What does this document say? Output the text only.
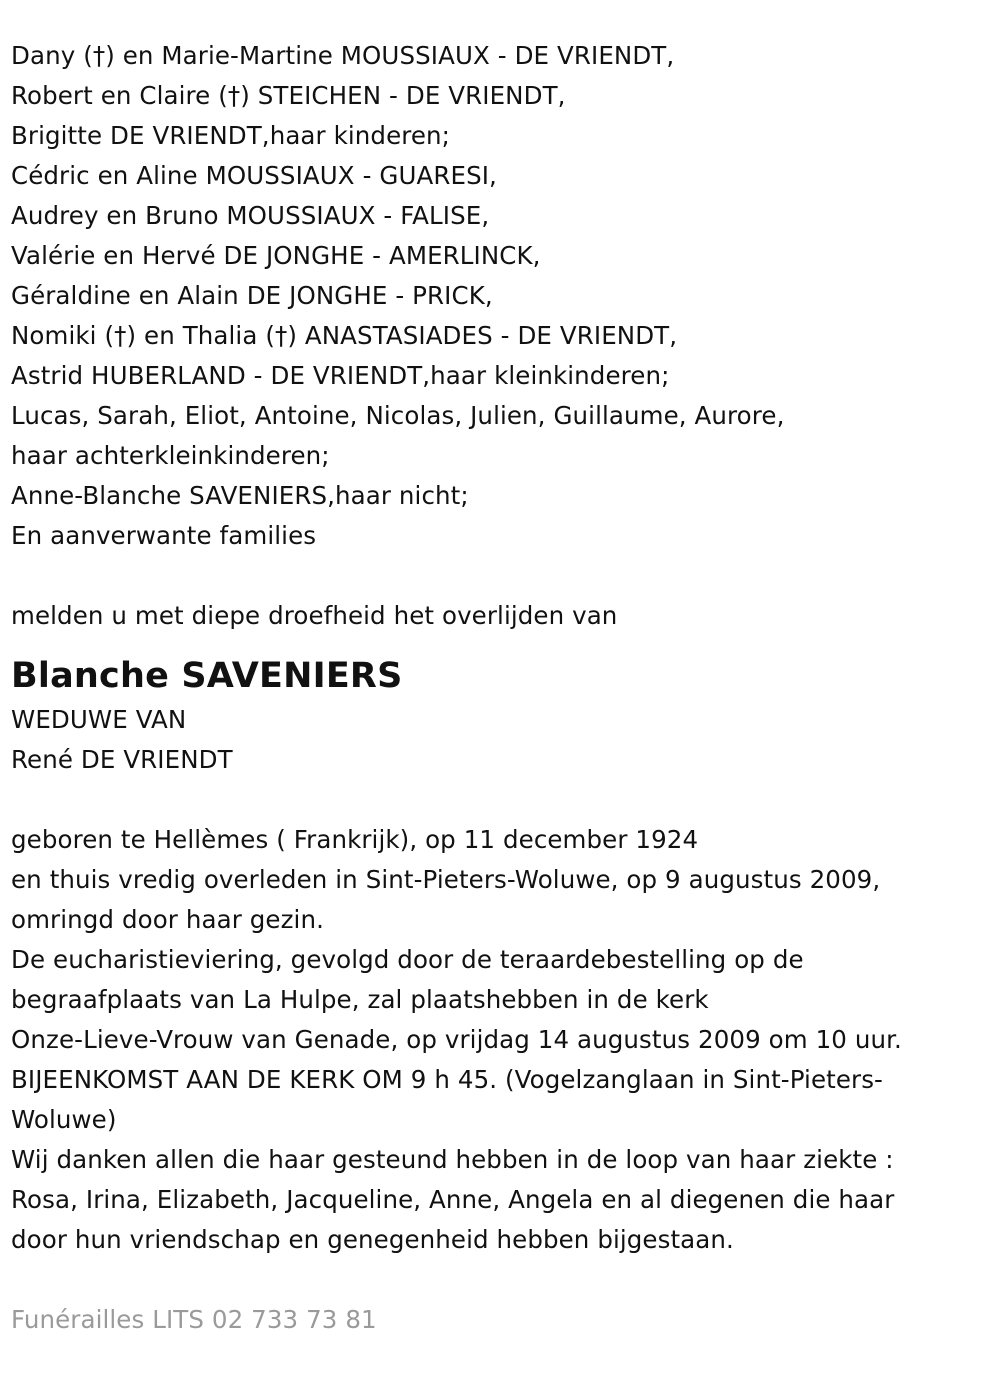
Dany (†) en Marie-Martine MOUSSIAUX - DE VRIENDT,
Robert en Claire (†) STEICHEN - DE VRIENDT,
Brigitte DE VRIENDT,haar kinderen;
Cédric en Aline MOUSSIAUX - GUARESI,
Audrey en Bruno MOUSSIAUX - FALISE,
Valérie en Hervé DE JONGHE - AMERLINCK,
Géraldine en Alain DE JONGHE - PRICK,
Nomiki (†) en Thalia (†) ANASTASIADES - DE VRIENDT,
Astrid HUBERLAND - DE VRIENDT,haar kleinkinderen;
Lucas, Sarah, Eliot, Antoine, Nicolas, Julien, Guillaume, Aurore,
haar achterkleinkinderen;
Anne-Blanche SAVENIERS,haar nicht;
En aanverwante families
melden u met diepe droefheid het overlijden van
Blanche SAVENIERS
WEDUWE VAN
René DE VRIENDT
geboren te Hellèmes ( Frankrijk), op 11 december 1924
en thuis vredig overleden in Sint-Pieters-Woluwe, op 9 augustus 2009,
omringd door haar gezin.
De eucharistieviering, gevolgd door de teraardebestelling op de
begraafplaats van La Hulpe, zal plaatshebben in de kerk
Onze-Lieve-Vrouw van Genade, op vrijdag 14 augustus 2009 om 10 uur.
BIJEENKOMST AAN DE KERK OM 9 h 45. (Vogelzanglaan in Sint-Pieters-
Woluwe)
Wij danken allen die haar gesteund hebben in de loop van haar ziekte :
Rosa, Irina, Elizabeth, Jacqueline, Anne, Angela en al diegenen die haar
door hun vriendschap en genegenheid hebben bijgestaan.
Funérailles LITS 02 733 73 81
